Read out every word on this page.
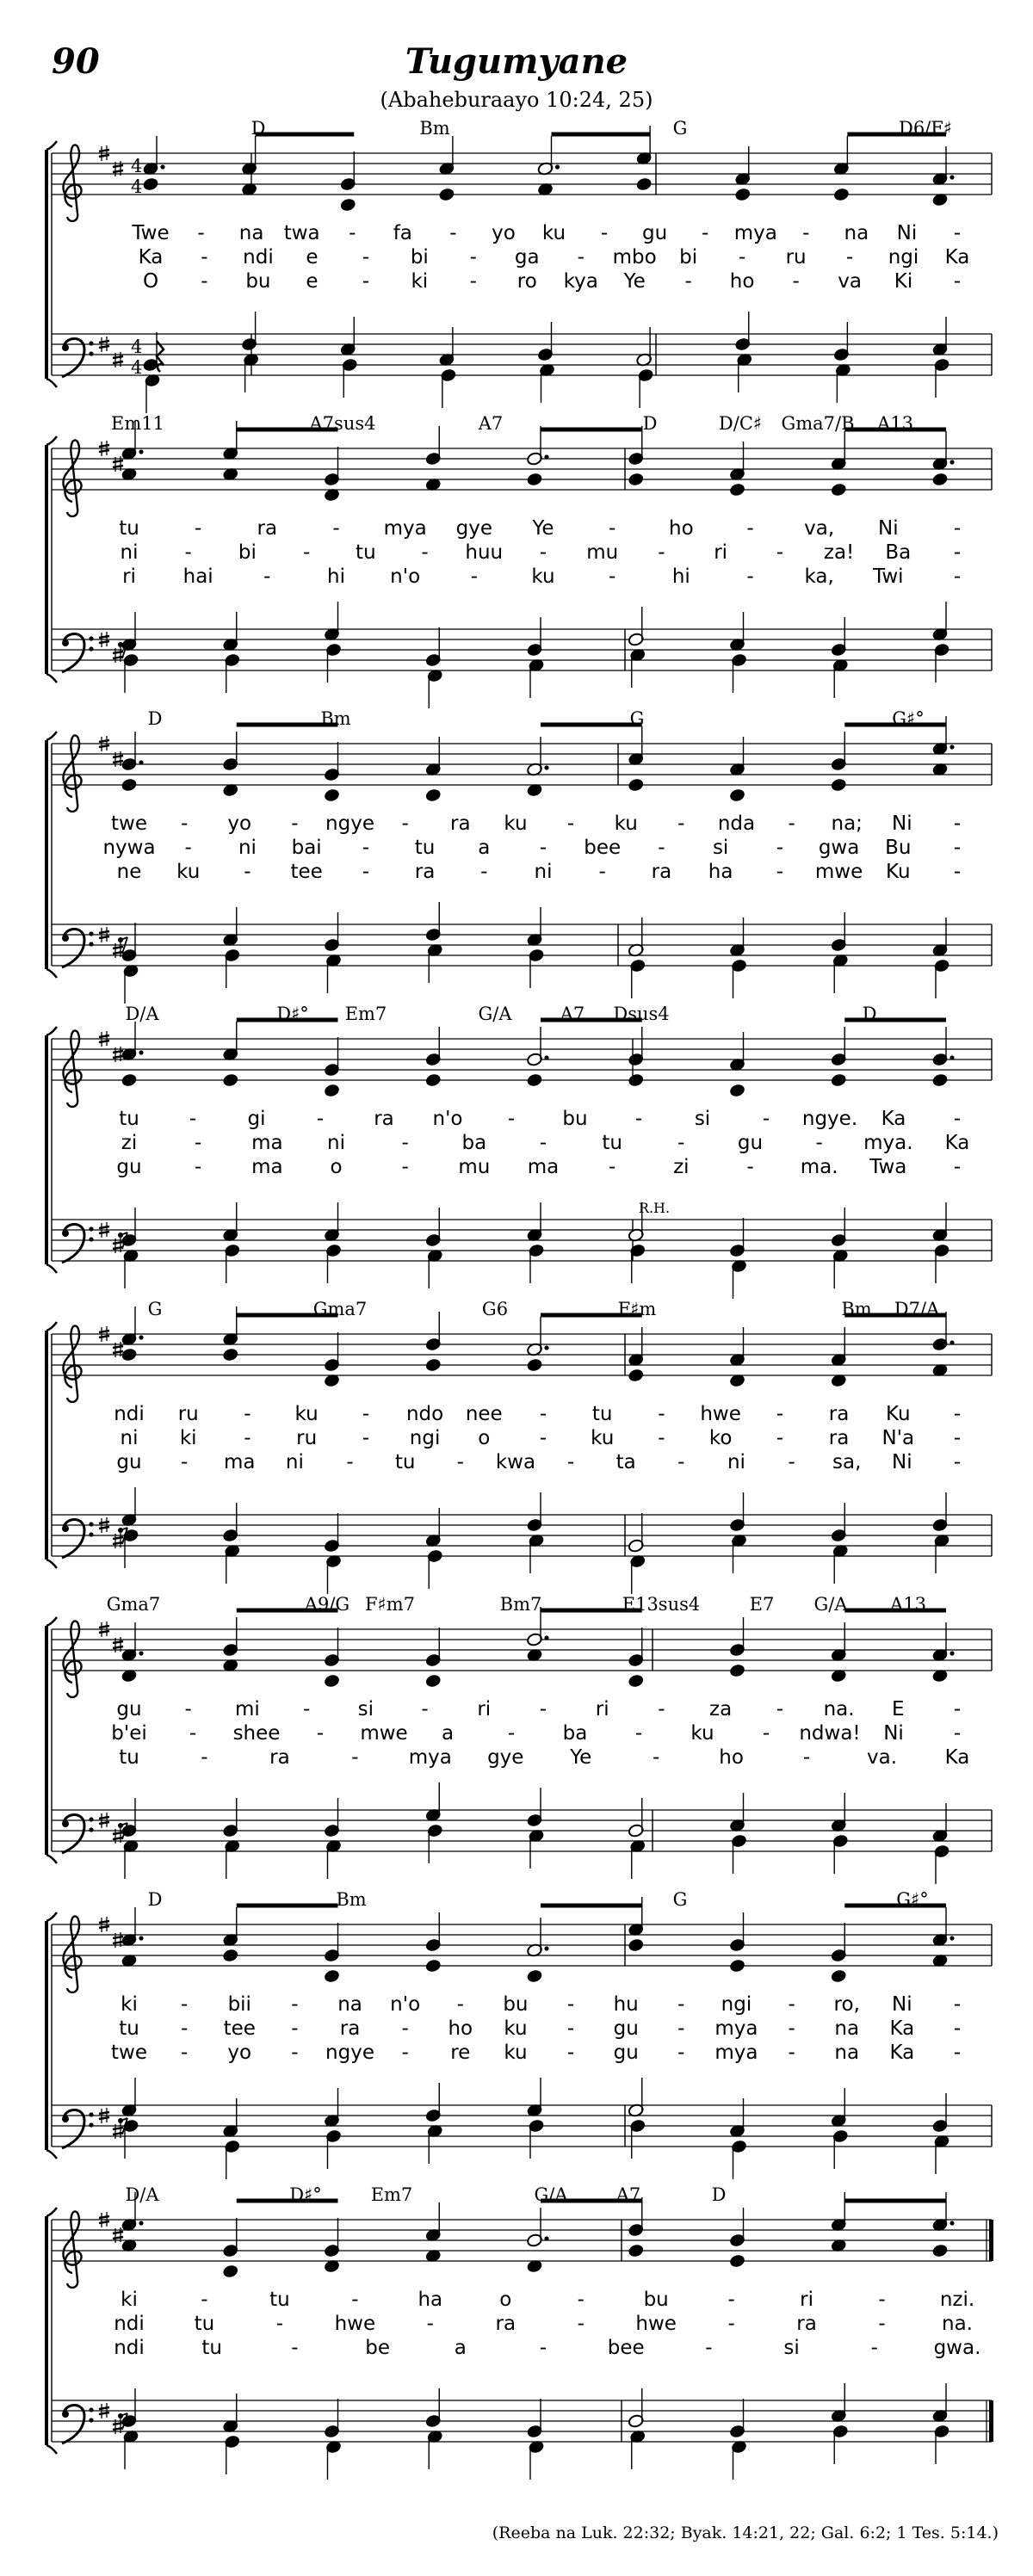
90	Tugumyane
(Abaheburaayo 10:24, 25)
4
4
4
4
D	Bm	G	D6/F♯
Twe - na twa - fa - yo ku - gu - mya - na Ni -
Ka - ndi e - bi - ga - mbo bi - ru - ngi Ka
O - bu e - ki - ro kya Ye - ho - va Ki -
Em11	A7sus4	A7	D	D/C♯ Gma7/B A13
tu	-	ra	- mya gye Ye	-	ho	-	va, Ni	-
ni - bi - tu - huu - mu - ri - za! Ba -
ri hai	-	hi n'o	-	ku	-	hi	-	ka, Twi	-
D	Bm	G	G♯°
twe - yo - ngye - ra ku - ku - nda - na; Ni -
nywa - ni bai - tu a	- bee - si - gwa Bu -
ne ku - tee - ra - ni - ra ha - mwe Ku -
D/A	D♯° Em7	G/A	A7 Dsus4	D
tu	-	gi	-	ra n'o - bu -	si	- ngye. Ka -
zi	-	ma ni	-	ba	-	tu	-	gu	- mya. Ka
gu	-	ma o	-	mu ma	-	zi	- ma. Twa -
R.H.
G	Gma7	G6	F♯m	Bm D7/A
ndi ru - ku - ndo nee - tu - hwe - ra Ku -
ni ki - ru - ngi o	- ku - ko - ra N'a -
gu - ma ni - tu - kwa - ta - ni - sa, Ni -
Gma7	A9/G F♯m7	Bm7	E13sus4	E7 G/A A13
gu - mi - si - ri - ri - za - na. E -
b'ei - shee - mwe a	- ba - ku - ndwa! Ni	-
tu	-	ra	-	mya gye Ye	-	ho	-	va. Ka
D	Bm	G	G♯°
ki - bii - na n'o - bu - hu - ngi - ro, Ni -
tu - tee - ra - ho ku - gu - mya - na Ka -
twe - yo - ngye - re ku - gu - mya - na Ka -
D/A	D♯°	Em7	G/A	A7	D
ki	-	tu	-	ha	o	-	bu	-	ri	-	nzi.
ndi	tu	-	hwe	-	ra	-	hwe	-	ra	-	na.
ndi	tu	-	be	a	-	bee	-	si	-	gwa.
(Reeba na Luk. 22:32; Byak. 14:21, 22; Gal. 6:2; 1 Tes. 5:14.)
